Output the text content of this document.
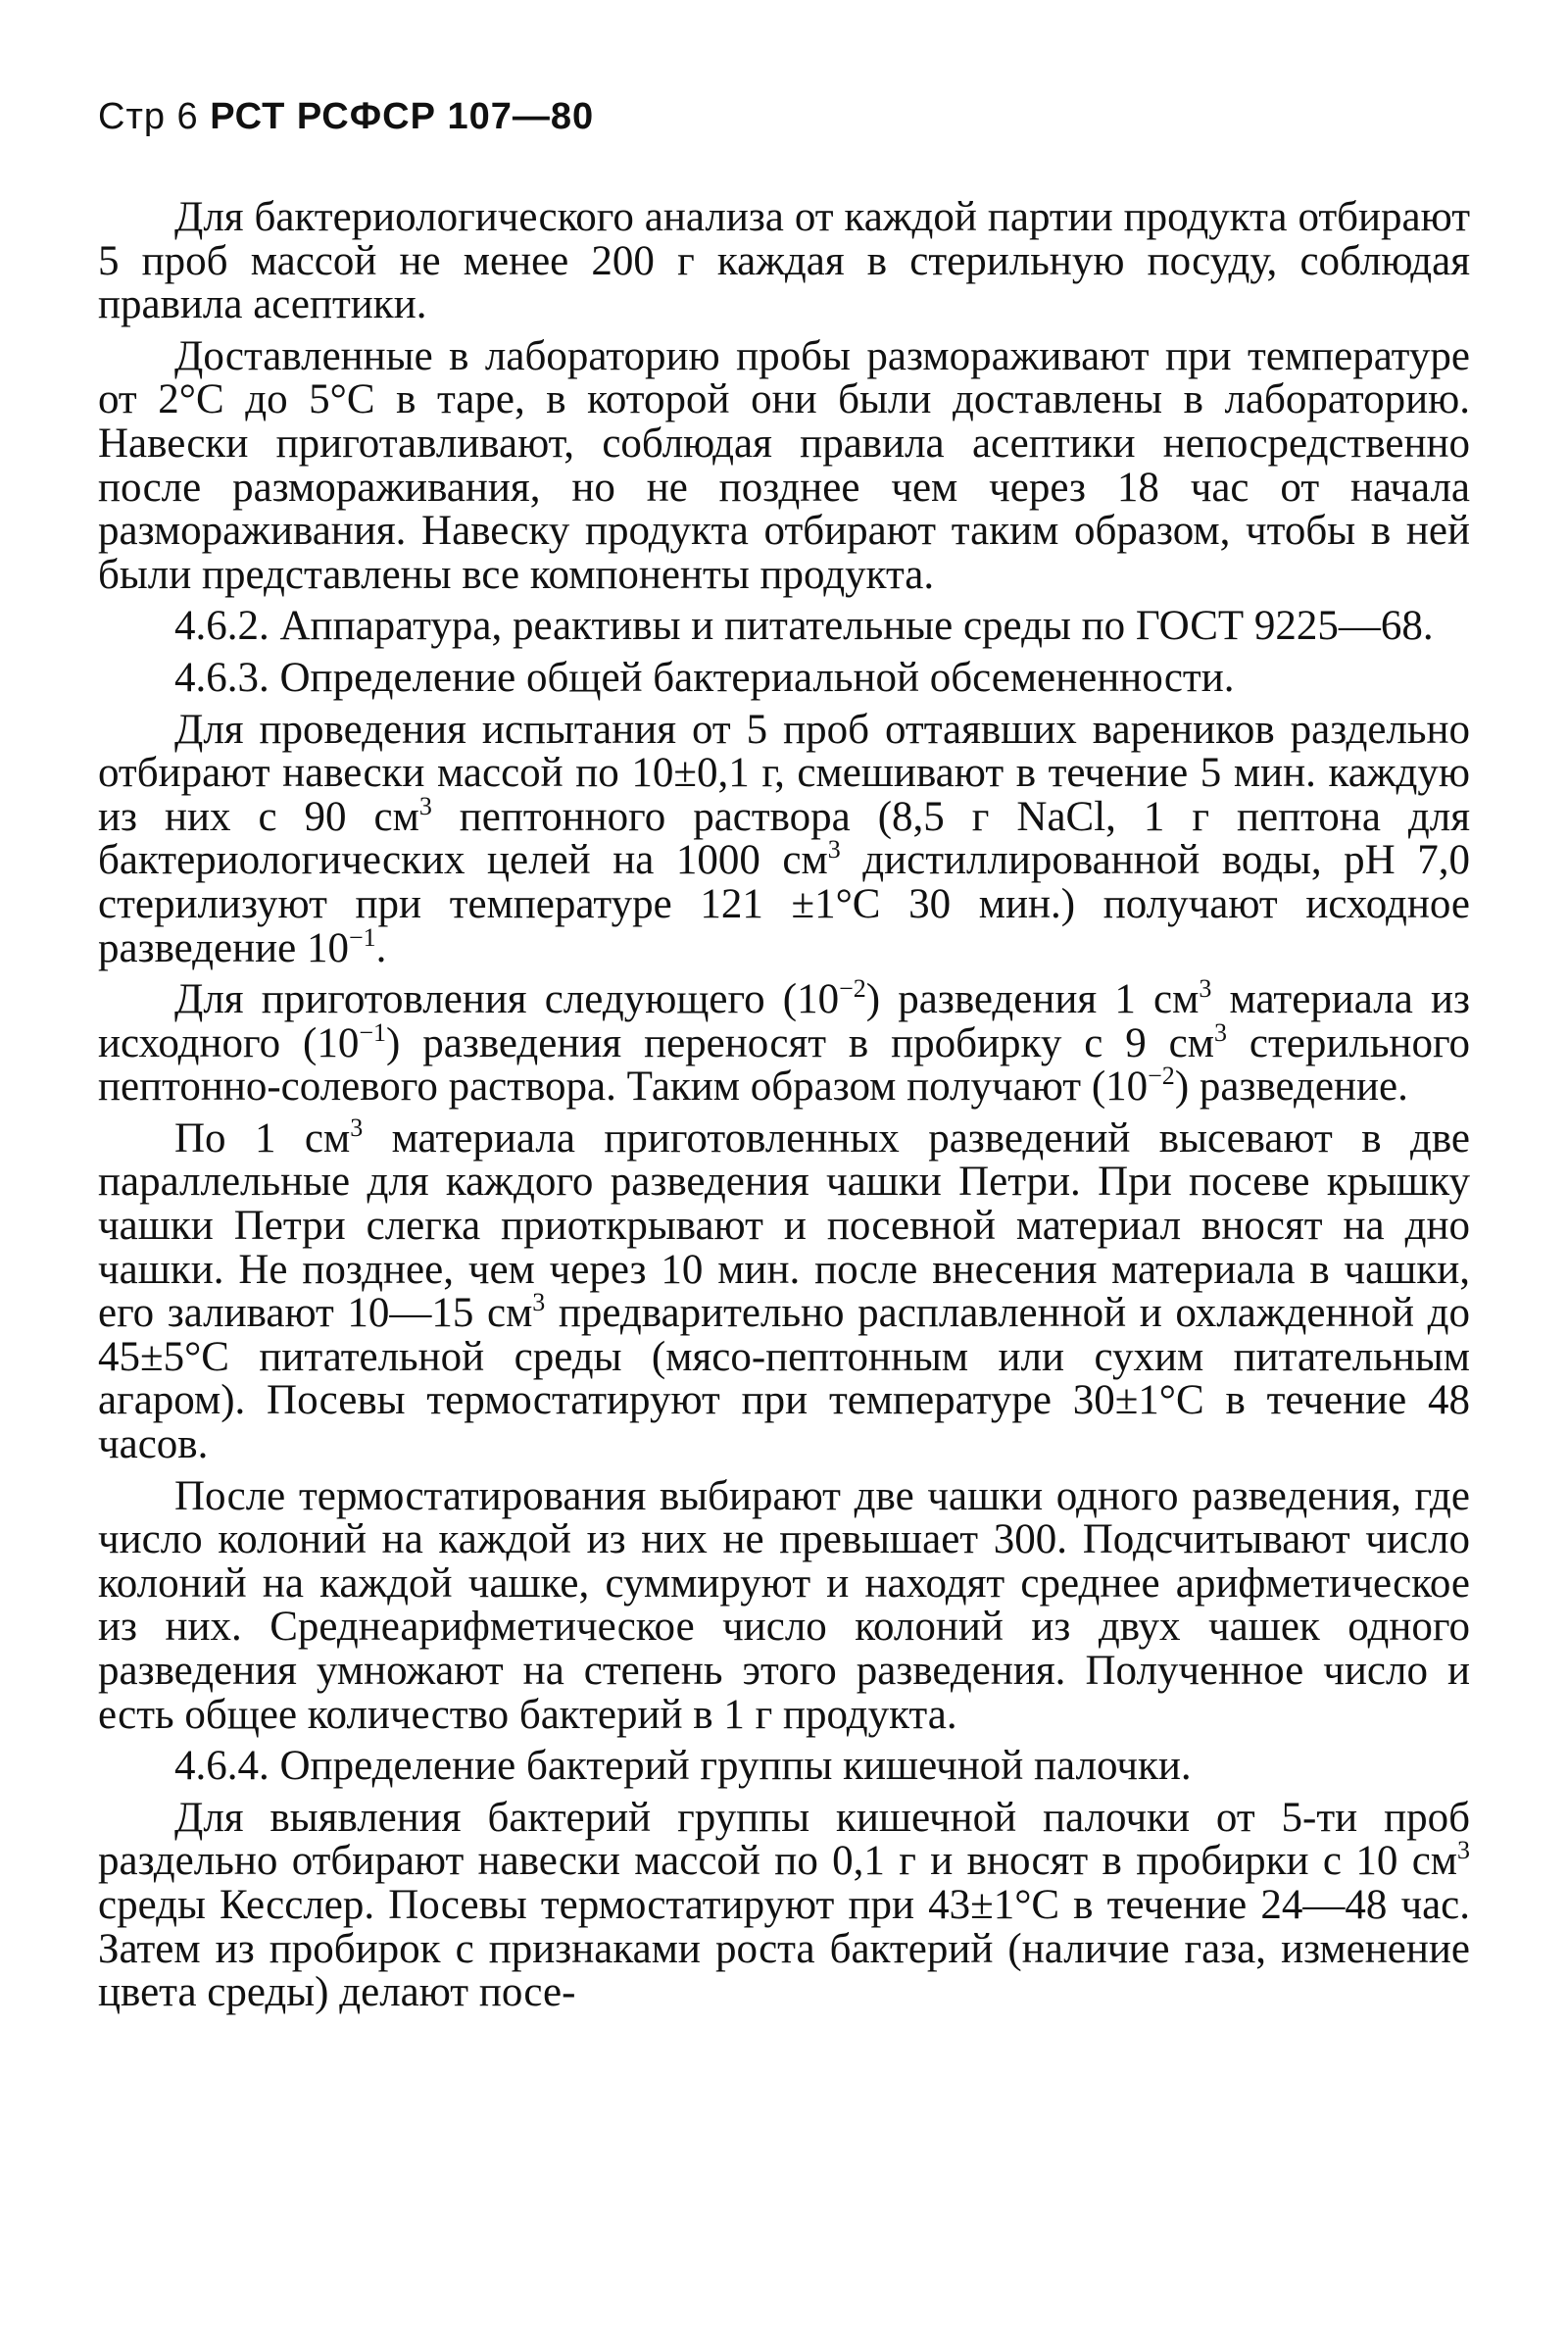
Стр 6 РСТ РСФСР 107—80

Для бактериологического анализа от каждой партии продукта отбирают 5 проб массой не менее 200 г каждая в стерильную посуду, соблюдая правила асептики.

Доставленные в лабораторию пробы размораживают при температуре от 2°С до 5°С в таре, в которой они были доставлены в лабораторию. Навески приготавливают, соблюдая правила асептики непосредственно после размораживания, но не позднее чем через 18 час от начала размораживания. Навеску продукта отбирают таким образом, чтобы в ней были представлены все компоненты продукта.

4.6.2. Аппаратура, реактивы и питательные среды по ГОСТ 9225—68.

4.6.3. Определение общей бактериальной обсемененности.

Для проведения испытания от 5 проб оттаявших вареников раздельно отбирают навески массой по 10±0,1 г, смешивают в течение 5 мин. каждую из них с 90 $см^3$ пептонного раствора (8,5 г NaCl, 1 г пептона для бактериологических целей на 1000 $см^3$ дистиллированной воды, рН 7,0 стерилизуют при температуре 121 ±1°С 30 мин.) получают исходное разведение $10^{-1}$.

Для приготовления следующего $(10^{-2})$ разведения 1 $см^3$ материала из исходного $(10^{-1})$ разведения переносят в пробирку с 9 $см^3$ стерильного пептонно-солевого раствора. Таким образом получают $(10^{-2})$ разведение.

По 1 $см^3$ материала приготовленных разведений высевают в две параллельные для каждого разведения чашки Петри. При посеве крышку чашки Петри слегка приоткрывают и посевной материал вносят на дно чашки. Не позднее, чем через 10 мин. после внесения материала в чашки, его заливают 10—15 $см^3$ предварительно расплавленной и охлажденной до 45±5°С питательной среды (мясо-пептонным или сухим питательным агаром). Посевы термостатируют при температуре 30±1°С в течение 48 часов.

После термостатирования выбирают две чашки одного разведения, где число колоний на каждой из них не превышает 300. Подсчитывают число колоний на каждой чашке, суммируют и находят среднее арифметическое из них. Среднеарифметическое число колоний из двух чашек одного разведения умножают на степень этого разведения. Полученное число и есть общее количество бактерий в 1 г продукта.

4.6.4. Определение бактерий группы кишечной палочки.

Для выявления бактерий группы кишечной палочки от 5-ти проб раздельно отбирают навески массой по 0,1 г и вносят в пробирки с 10 $см^3$ среды Кесслер. Посевы термостатируют при 43±1°С в течение 24—48 час. Затем из пробирок с признаками роста бактерий (наличие газа, изменение цвета среды) делают посе-
